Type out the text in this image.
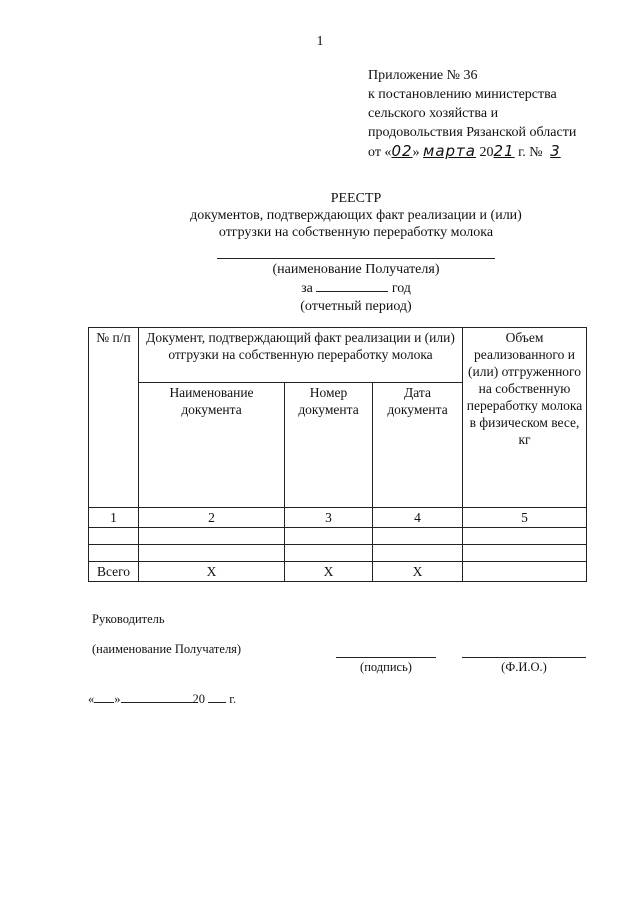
1
Приложение № 36
к постановлению министерства
сельского хозяйства и
продовольствия Рязанской области
от «02» марта 2021 г. № 3
РЕЕСТР
документов, подтверждающих факт реализации и (или)
отгрузки на собственную переработку молока
(наименование Получателя)
за	год
(отчетный период)
№ п/п	Документ, подтверждающий факт реализации и (или) отгрузки на собственную переработку молока			Объем реализованного и (или) отгруженного на собственную переработку молока в физическом весе, кг
	Наименование документа	Номер документа	Дата документа	
1	2	3	4	5

Всего	Х	Х	Х	
Руководитель
(наименование Получателя)
(подпись)	(Ф.И.О.)
« »	20 г.
